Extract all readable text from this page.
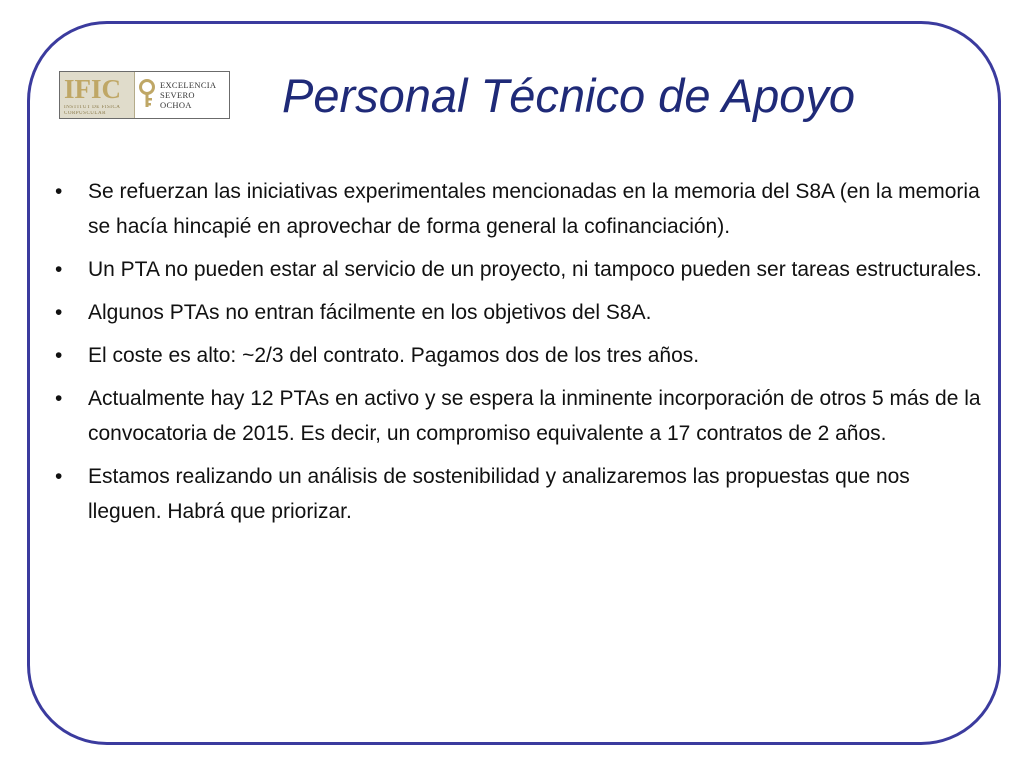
IFIC
INSTITUT DE FÍSICA
CORPUSCULAR
EXCELENCIA
SEVERO
OCHOA	Personal Técnico de Apoyo
•	Se refuerzan las iniciativas experimentales mencionadas en la memoria del S8A (en la memoria se hacía hincapié en aprovechar de forma general la cofinanciación).
•	Un PTA no pueden estar al servicio de un proyecto, ni tampoco pueden ser tareas estructurales.
•	Algunos PTAs no entran fácilmente en los objetivos del S8A.
•	El coste es alto: ~2/3 del contrato. Pagamos dos de los tres años.
•	Actualmente hay 12 PTAs en activo y se espera la inminente incorporación de otros 5 más de la convocatoria de 2015. Es decir, un compromiso equivalente a 17 contratos de 2 años.
•	Estamos realizando un análisis de sostenibilidad y analizaremos las propuestas que nos lleguen. Habrá que priorizar.
